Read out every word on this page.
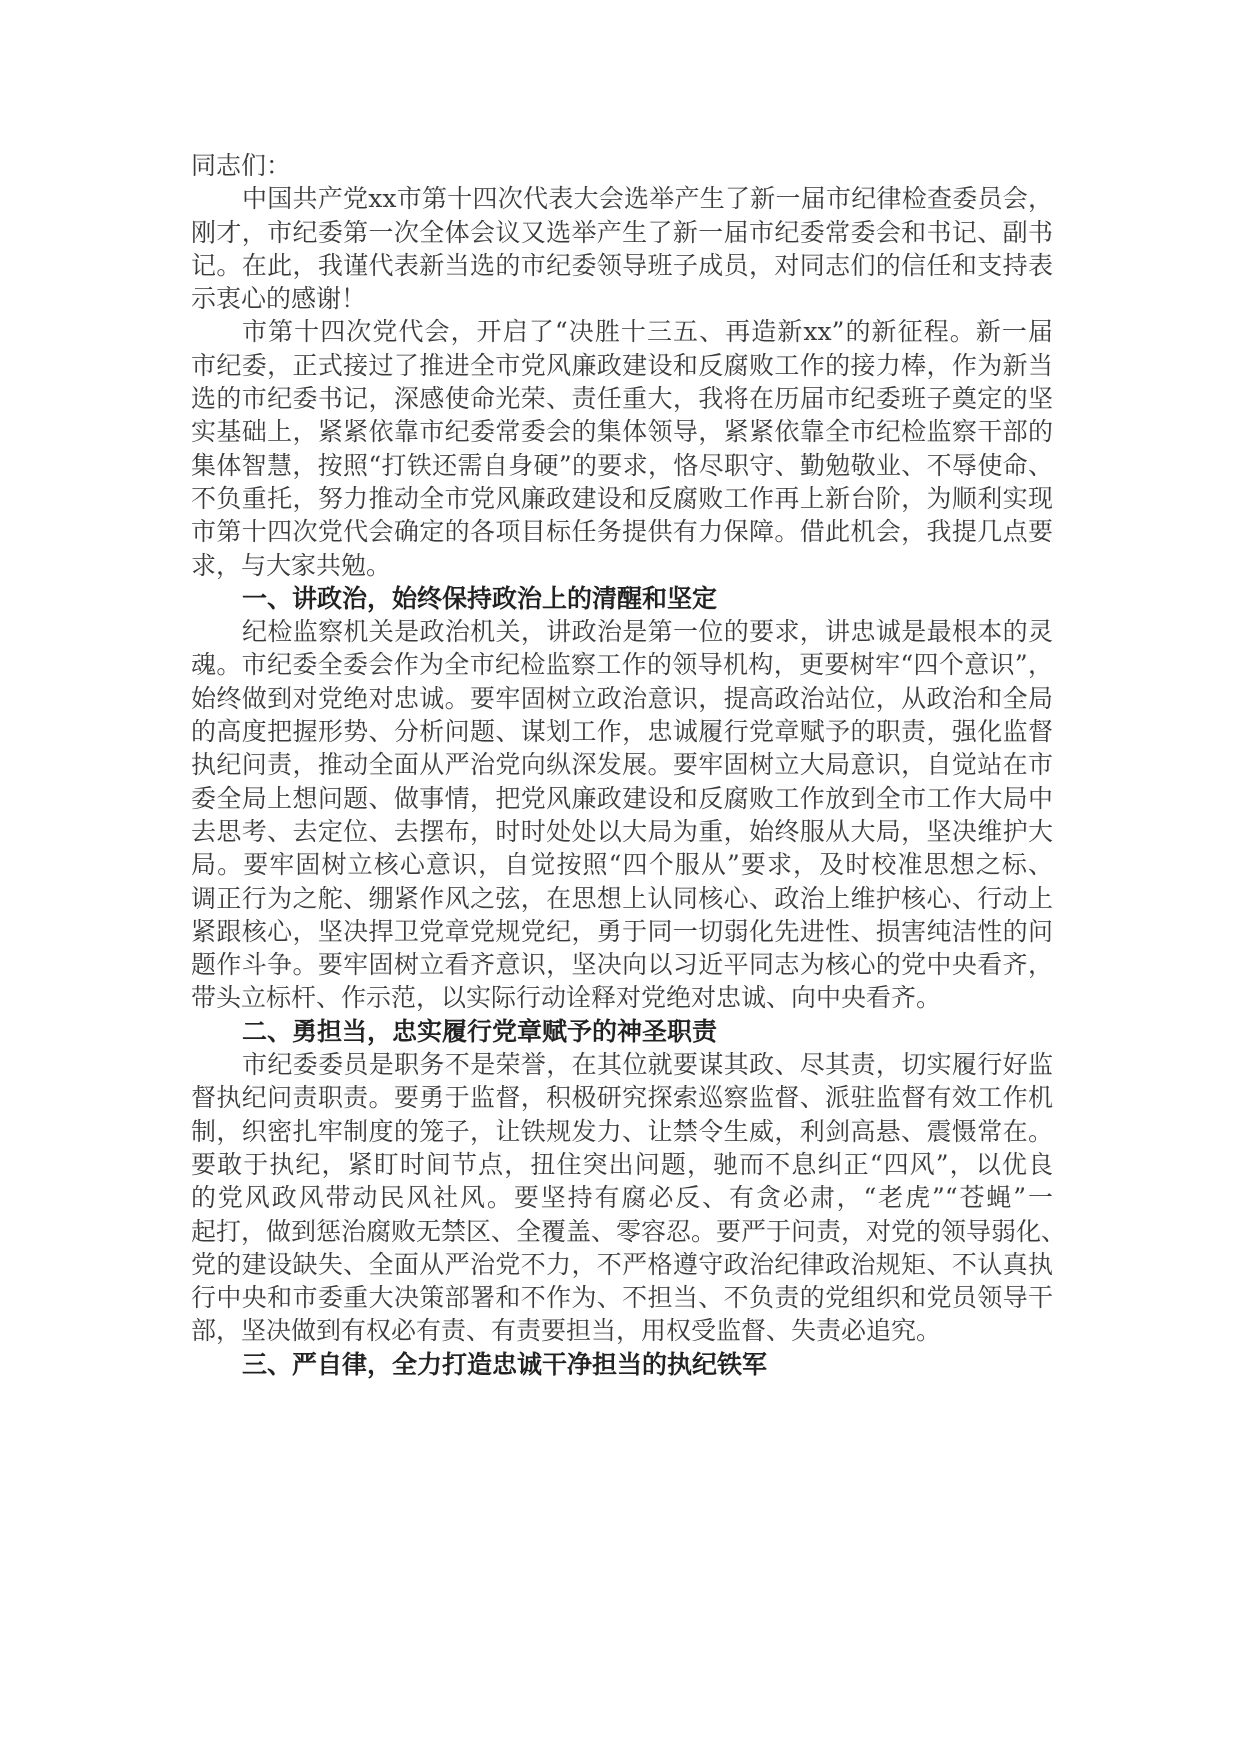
同志们：
中国共产党xx市第十四次代表大会选举产生了新一届市纪律检查委员会，
刚才，市纪委第一次全体会议又选举产生了新一届市纪委常委会和书记、副书
记。在此，我谨代表新当选的市纪委领导班子成员，对同志们的信任和支持表
示衷心的感谢！
市第十四次党代会，开启了“决胜十三五、再造新xx”的新征程。新一届
市纪委，正式接过了推进全市党风廉政建设和反腐败工作的接力棒，作为新当
选的市纪委书记，深感使命光荣、责任重大，我将在历届市纪委班子奠定的坚
实基础上，紧紧依靠市纪委常委会的集体领导，紧紧依靠全市纪检监察干部的
集体智慧，按照“打铁还需自身硬”的要求，恪尽职守、勤勉敬业、不辱使命、
不负重托，努力推动全市党风廉政建设和反腐败工作再上新台阶，为顺利实现
市第十四次党代会确定的各项目标任务提供有力保障。借此机会，我提几点要
求，与大家共勉。
一、讲政治，始终保持政治上的清醒和坚定
纪检监察机关是政治机关，讲政治是第一位的要求，讲忠诚是最根本的灵
魂。市纪委全委会作为全市纪检监察工作的领导机构，更要树牢“四个意识”，
始终做到对党绝对忠诚。要牢固树立政治意识，提高政治站位，从政治和全局
的高度把握形势、分析问题、谋划工作，忠诚履行党章赋予的职责，强化监督
执纪问责，推动全面从严治党向纵深发展。要牢固树立大局意识，自觉站在市
委全局上想问题、做事情，把党风廉政建设和反腐败工作放到全市工作大局中
去思考、去定位、去摆布，时时处处以大局为重，始终服从大局，坚决维护大
局。要牢固树立核心意识，自觉按照“四个服从”要求，及时校准思想之标、
调正行为之舵、绷紧作风之弦，在思想上认同核心、政治上维护核心、行动上
紧跟核心，坚决捍卫党章党规党纪，勇于同一切弱化先进性、损害纯洁性的问
题作斗争。要牢固树立看齐意识，坚决向以习近平同志为核心的党中央看齐，
带头立标杆、作示范，以实际行动诠释对党绝对忠诚、向中央看齐。
二、勇担当，忠实履行党章赋予的神圣职责
市纪委委员是职务不是荣誉，在其位就要谋其政、尽其责，切实履行好监
督执纪问责职责。要勇于监督，积极研究探索巡察监督、派驻监督有效工作机
制，织密扎牢制度的笼子，让铁规发力、让禁令生威，利剑高悬、震慑常在。
要敢于执纪，紧盯时间节点，扭住突出问题，驰而不息纠正“四风”，以优良
的党风政风带动民风社风。要坚持有腐必反、有贪必肃，“老虎”“苍蝇”一
起打，做到惩治腐败无禁区、全覆盖、零容忍。要严于问责，对党的领导弱化、
党的建设缺失、全面从严治党不力，不严格遵守政治纪律政治规矩、不认真执
行中央和市委重大决策部署和不作为、不担当、不负责的党组织和党员领导干
部，坚决做到有权必有责、有责要担当，用权受监督、失责必追究。
三、严自律，全力打造忠诚干净担当的执纪铁军
